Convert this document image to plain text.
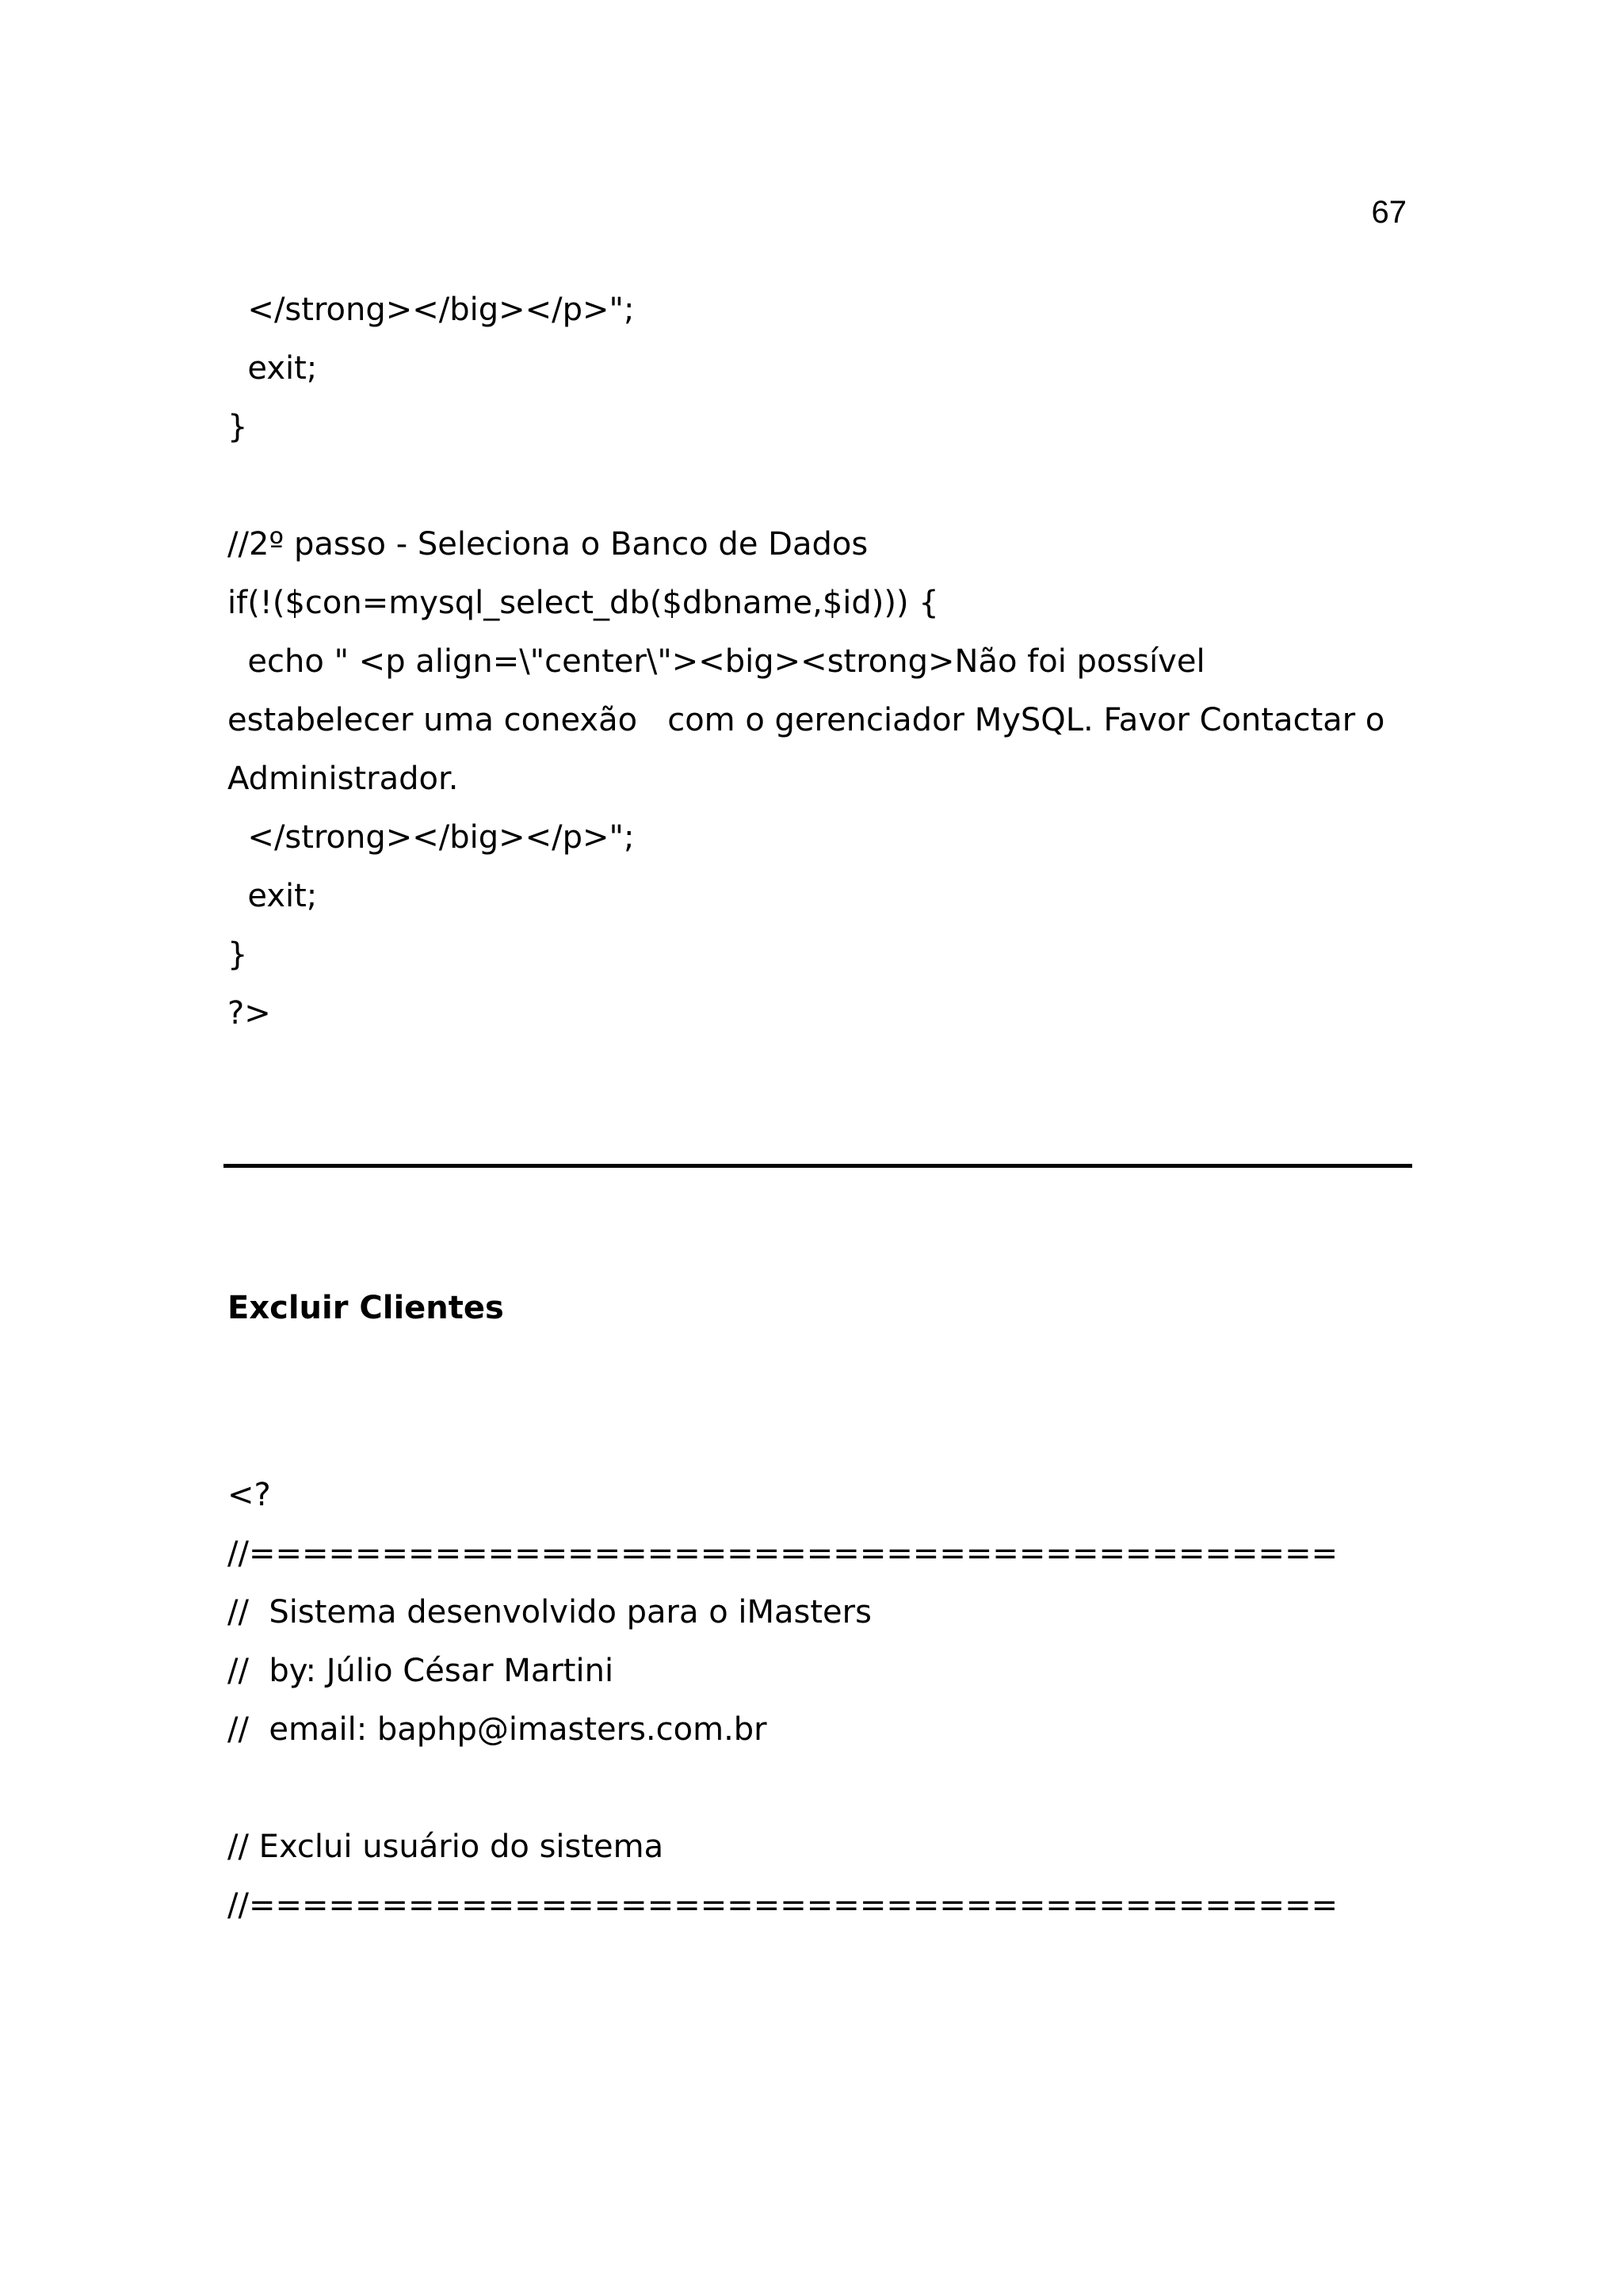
67
</strong></big></p>";
exit;
}
//2º passo - Seleciona o Banco de Dados
if(!($con=mysql_select_db($dbname,$id))) {
echo " <p align=\"center\"><big><strong>Não foi possível
estabelecer uma conexão   com o gerenciador MySQL. Favor Contactar o
Administrador.
</strong></big></p>";
exit;
}
?>
Excluir Clientes
<?
//=========================================
//  Sistema desenvolvido para o iMasters
//  by: Júlio César Martini
//  email: baphp@imasters.com.br
// Exclui usuário do sistema
//=========================================
